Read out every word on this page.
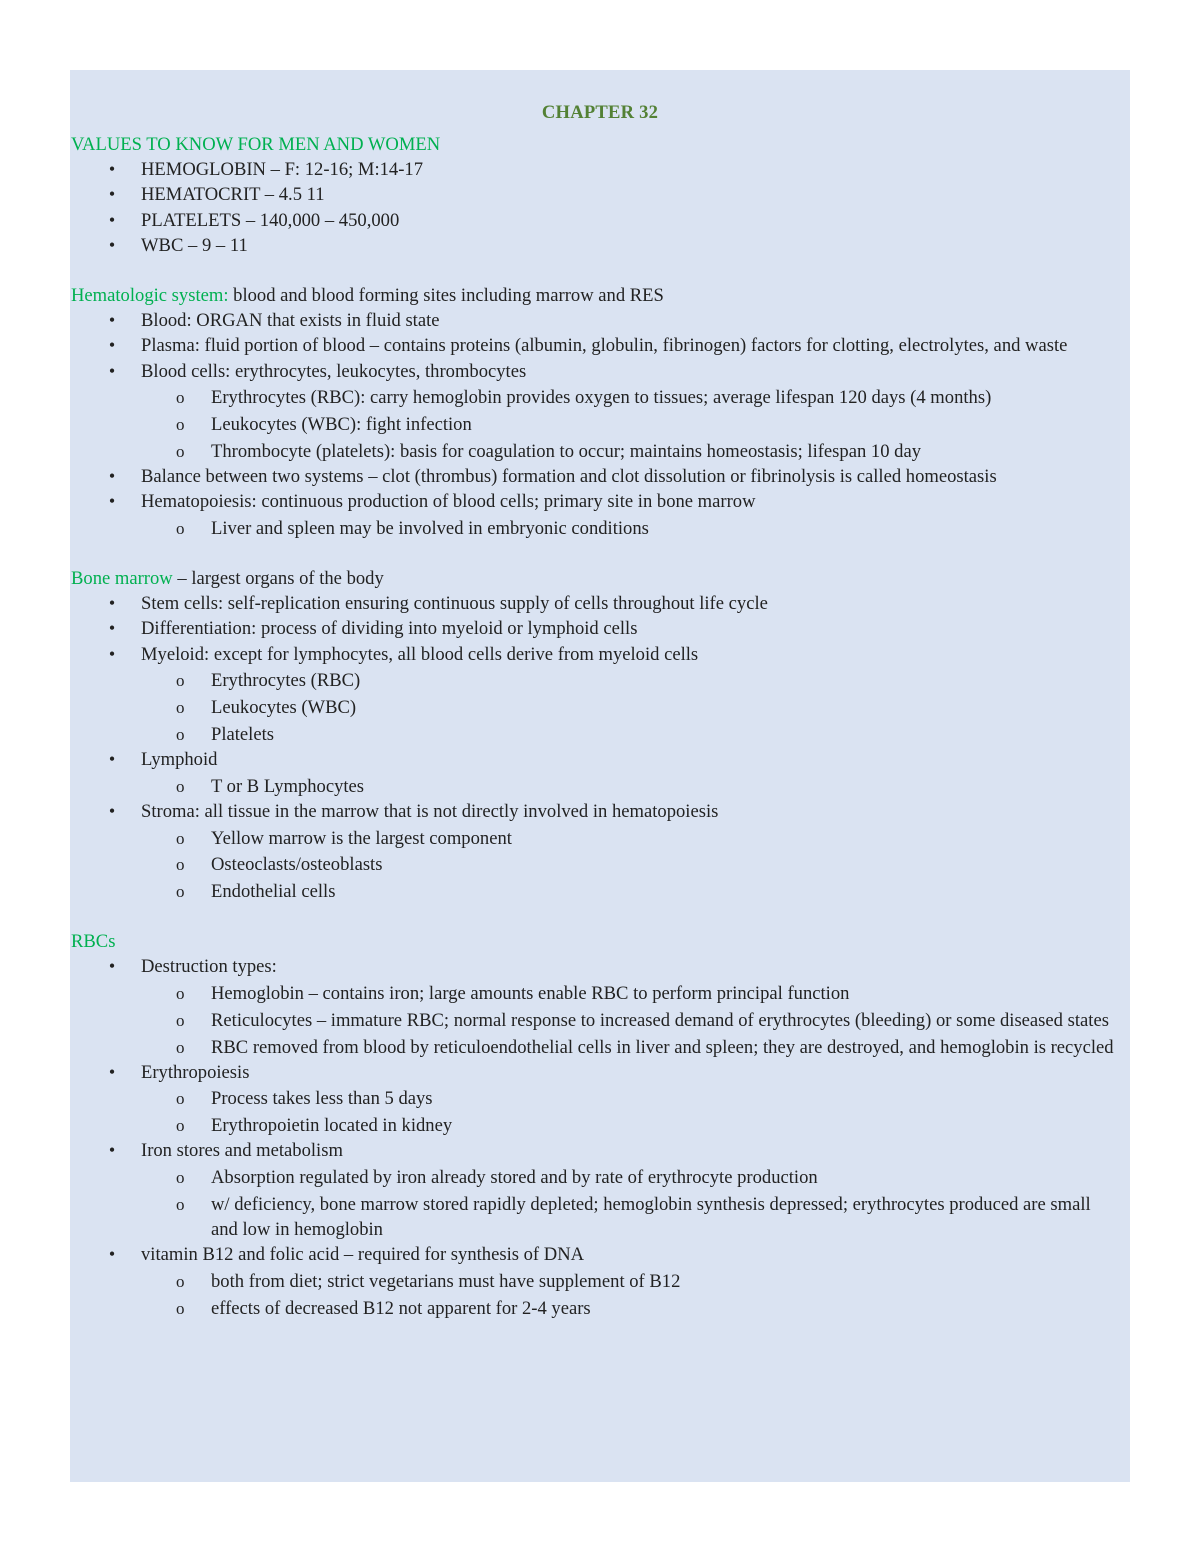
CHAPTER 32
VALUES TO KNOW FOR MEN AND WOMEN
• HEMOGLOBIN – F: 12-16; M:14-17
• HEMATOCRIT – 4.5 11
• PLATELETS – 140,000 – 450,000
• WBC – 9 – 11
Hematologic system: blood and blood forming sites including marrow and RES
• Blood: ORGAN that exists in fluid state
• Plasma: fluid portion of blood – contains proteins (albumin, globulin, fibrinogen) factors for clotting, electrolytes, and waste
• Blood cells: erythrocytes, leukocytes, thrombocytes
o Erythrocytes (RBC): carry hemoglobin provides oxygen to tissues; average lifespan 120 days (4 months)
o Leukocytes (WBC): fight infection
o Thrombocyte (platelets): basis for coagulation to occur; maintains homeostasis; lifespan 10 day
• Balance between two systems – clot (thrombus) formation and clot dissolution or fibrinolysis is called homeostasis
• Hematopoiesis: continuous production of blood cells; primary site in bone marrow
o Liver and spleen may be involved in embryonic conditions
Bone marrow – largest organs of the body
• Stem cells: self-replication ensuring continuous supply of cells throughout life cycle
• Differentiation: process of dividing into myeloid or lymphoid cells
• Myeloid: except for lymphocytes, all blood cells derive from myeloid cells
o Erythrocytes (RBC)
o Leukocytes (WBC)
o Platelets
• Lymphoid
o T or B Lymphocytes
• Stroma: all tissue in the marrow that is not directly involved in hematopoiesis
o Yellow marrow is the largest component
o Osteoclasts/osteoblasts
o Endothelial cells
RBCs
• Destruction types:
o Hemoglobin – contains iron; large amounts enable RBC to perform principal function
o Reticulocytes – immature RBC; normal response to increased demand of erythrocytes (bleeding) or some diseased states
o RBC removed from blood by reticuloendothelial cells in liver and spleen; they are destroyed, and hemoglobin is recycled
• Erythropoiesis
o Process takes less than 5 days
o Erythropoietin located in kidney
• Iron stores and metabolism
o Absorption regulated by iron already stored and by rate of erythrocyte production
o w/ deficiency, bone marrow stored rapidly depleted; hemoglobin synthesis depressed; erythrocytes produced are small and low in hemoglobin
• vitamin B12 and folic acid – required for synthesis of DNA
o both from diet; strict vegetarians must have supplement of B12
o effects of decreased B12 not apparent for 2-4 years
